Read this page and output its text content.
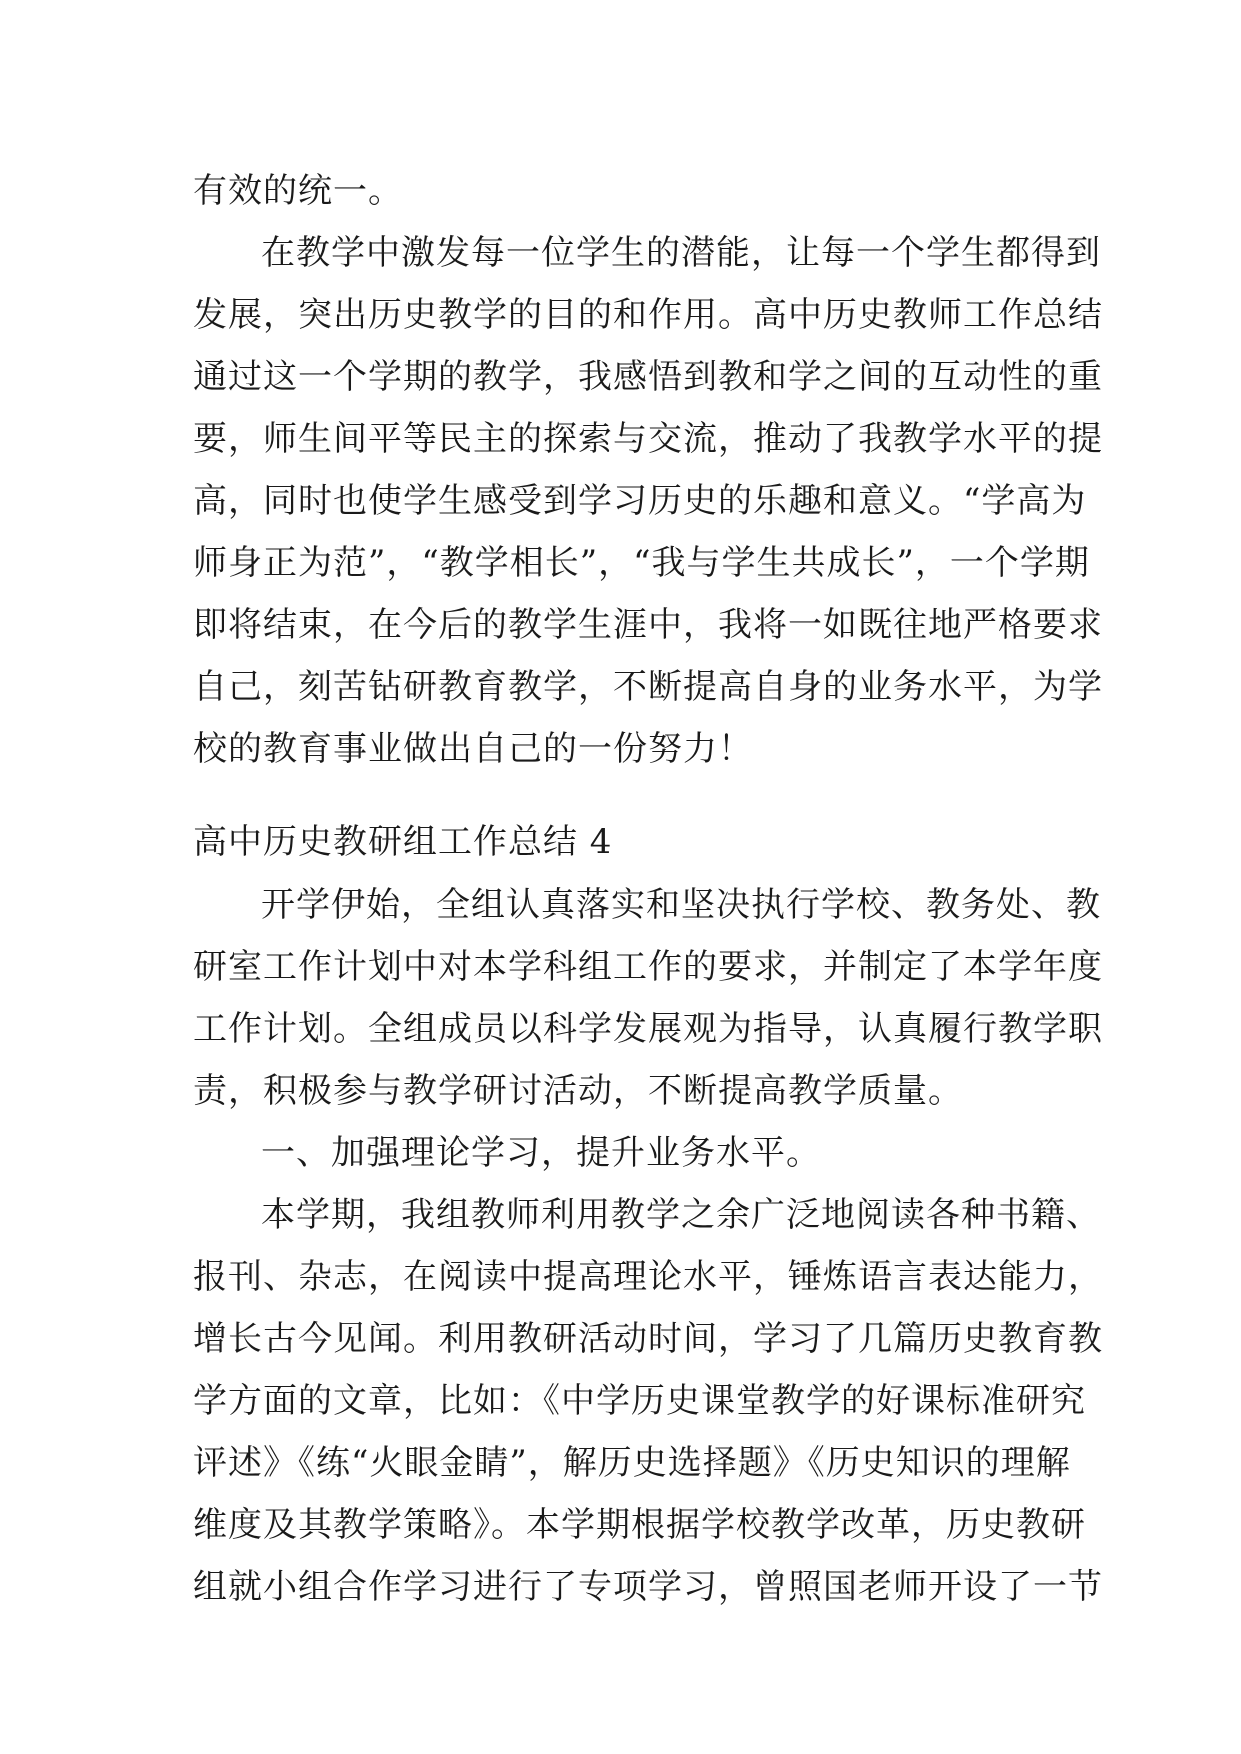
有效的统一。
在教学中激发每一位学生的潜能，让每一个学生都得到
发展，突出历史教学的目的和作用。高中历史教师工作总结
通过这一个学期的教学，我感悟到教和学之间的互动性的重
要，师生间平等民主的探索与交流，推动了我教学水平的提
高，同时也使学生感受到学习历史的乐趣和意义。“学高为
师身正为范”，“教学相长”，“我与学生共成长”，一个学期
即将结束，在今后的教学生涯中，我将一如既往地严格要求
自己，刻苦钻研教育教学，不断提高自身的业务水平，为学
校的教育事业做出自己的一份努力！
高中历史教研组工作总结 4
开学伊始，全组认真落实和坚决执行学校、教务处、教
研室工作计划中对本学科组工作的要求，并制定了本学年度
工作计划。全组成员以科学发展观为指导，认真履行教学职
责，积极参与教学研讨活动，不断提高教学质量。
一、加强理论学习，提升业务水平。
本学期，我组教师利用教学之余广泛地阅读各种书籍、
报刊、杂志，在阅读中提高理论水平，锤炼语言表达能力，
增长古今见闻。利用教研活动时间，学习了几篇历史教育教
学方面的文章，比如：《中学历史课堂教学的好课标准研究
评述》《练“火眼金睛”，解历史选择题》《历史知识的理解
维度及其教学策略》。本学期根据学校教学改革，历史教研
组就小组合作学习进行了专项学习，曾照国老师开设了一节
